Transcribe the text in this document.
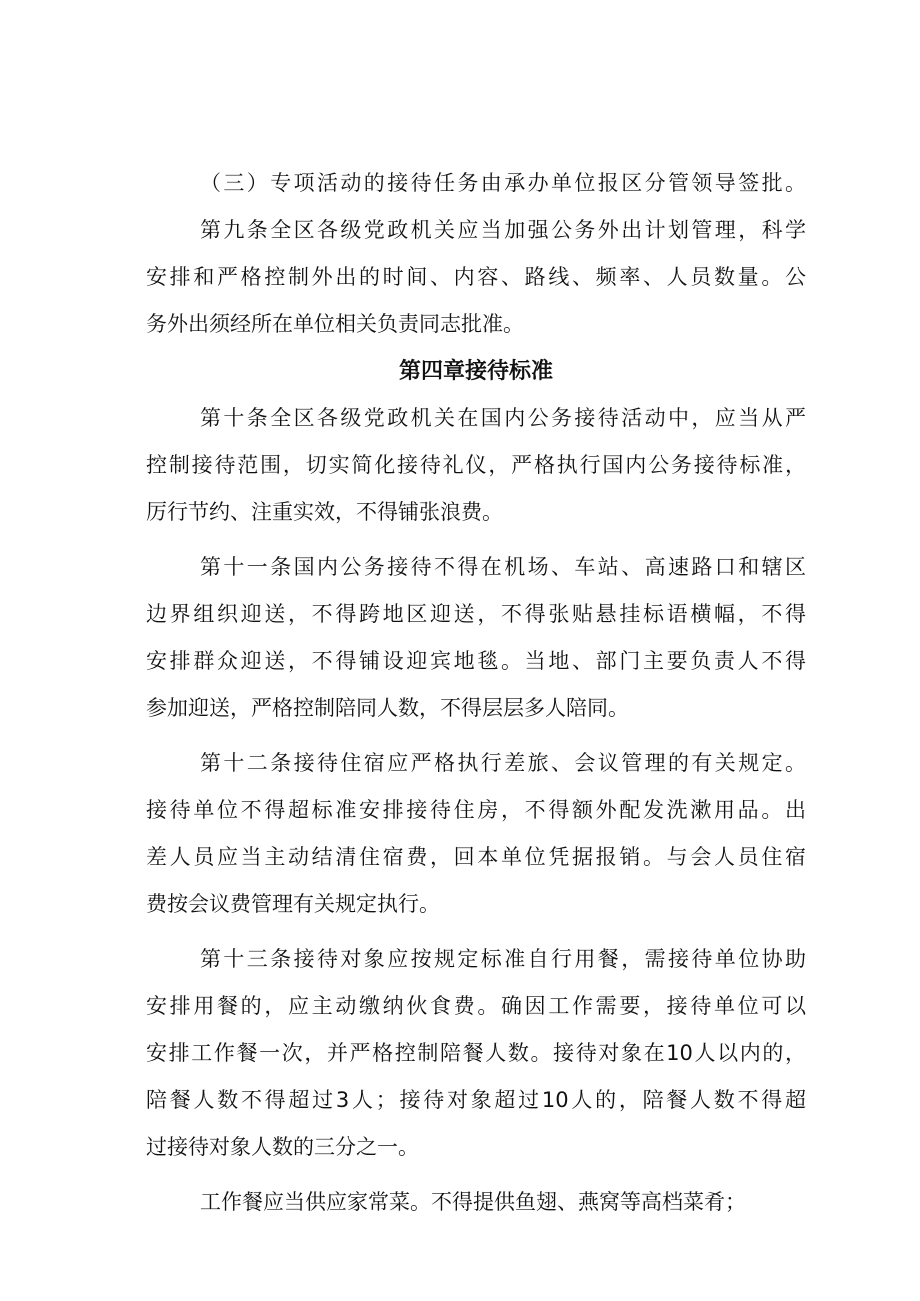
（三）专项活动的接待任务由承办单位报区分管领导签批。
第九条全区各级党政机关应当加强公务外出计划管理，科学
安排和严格控制外出的时间、内容、路线、频率、人员数量。公
务外出须经所在单位相关负责同志批准。
第四章接待标准
第十条全区各级党政机关在国内公务接待活动中，应当从严
控制接待范围，切实简化接待礼仪，严格执行国内公务接待标准，
厉行节约、注重实效，不得铺张浪费。
第十一条国内公务接待不得在机场、车站、高速路口和辖区
边界组织迎送，不得跨地区迎送，不得张贴悬挂标语横幅，不得
安排群众迎送，不得铺设迎宾地毯。当地、部门主要负责人不得
参加迎送，严格控制陪同人数，不得层层多人陪同。
第十二条接待住宿应严格执行差旅、会议管理的有关规定。
接待单位不得超标准安排接待住房，不得额外配发洗漱用品。出
差人员应当主动结清住宿费，回本单位凭据报销。与会人员住宿
费按会议费管理有关规定执行。
第十三条接待对象应按规定标准自行用餐，需接待单位协助
安排用餐的，应主动缴纳伙食费。确因工作需要，接待单位可以
安排工作餐一次，并严格控制陪餐人数。接待对象在10人以内的，
陪餐人数不得超过3人；接待对象超过10人的，陪餐人数不得超
过接待对象人数的三分之一。
工作餐应当供应家常菜。不得提供鱼翅、燕窝等高档菜肴；
